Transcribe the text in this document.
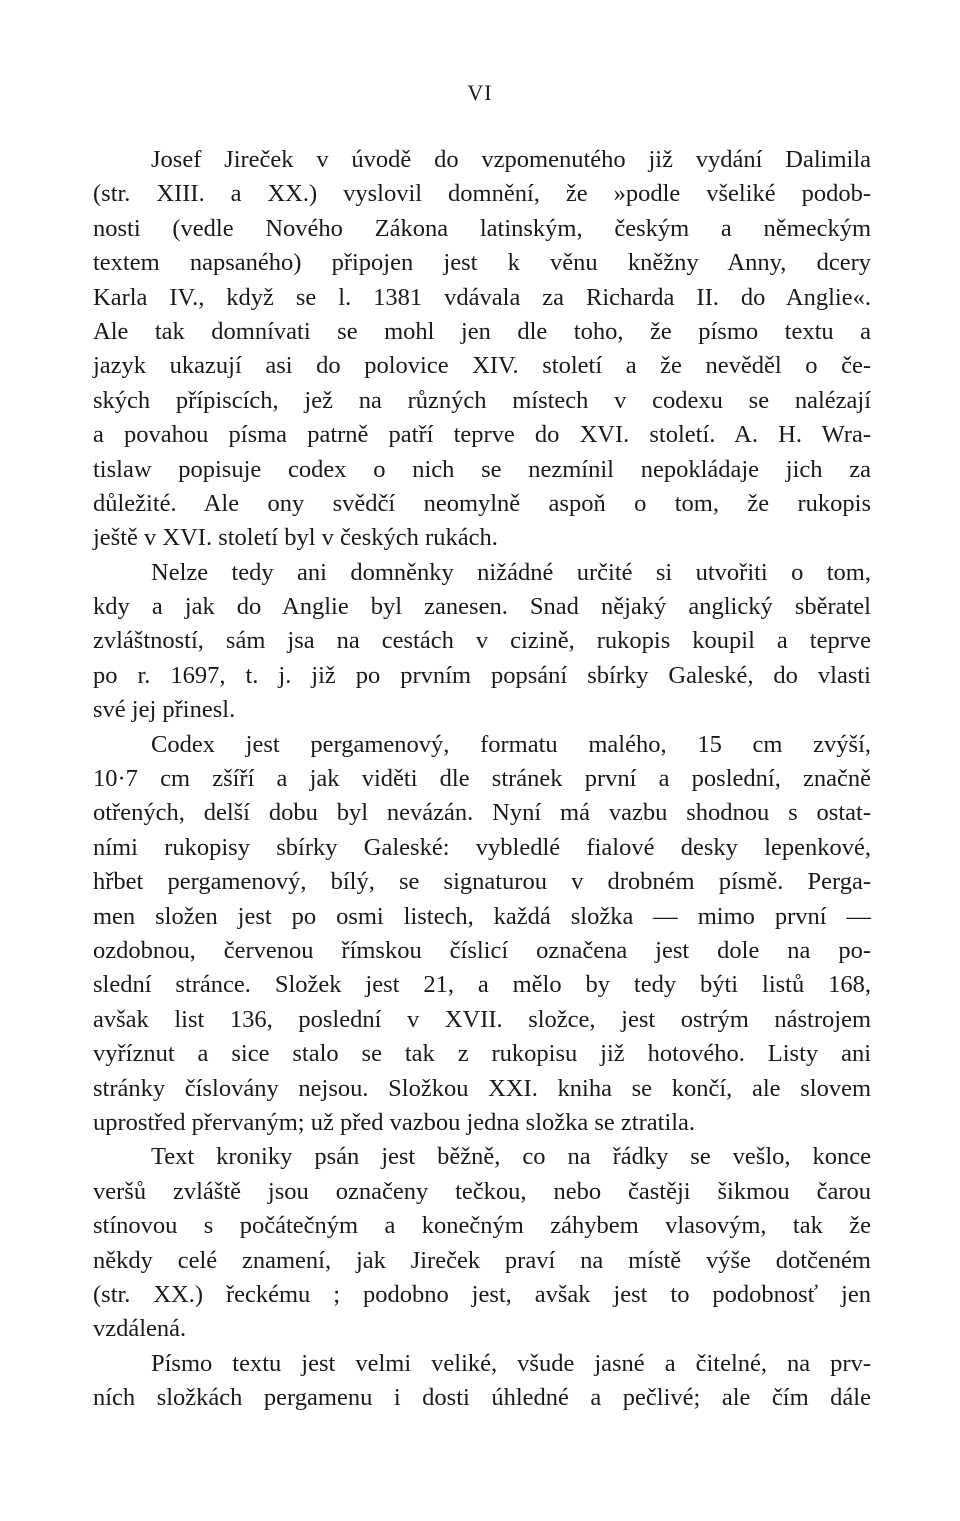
VI
Josef Jireček v úvodě do vzpomenutého již vydání Dalimila
(str. XIII. a XX.) vyslovil domnění, že »podle všeliké podob-
nosti (vedle Nového Zákona latinským, českým a německým
textem napsaného) připojen jest k věnu kněžny Anny, dcery
Karla IV., když se l. 1381 vdávala za Richarda II. do Anglie«.
Ale tak domnívati se mohl jen dle toho, že písmo textu a
jazyk ukazují asi do polovice XIV. století a že nevěděl o če-
ských přípiscích, jež na různých místech v codexu se nalézají
a povahou písma patrně patří teprve do XVI. století. A. H. Wra-
tislaw popisuje codex o nich se nezmínil nepokládaje jich za
důležité. Ale ony svědčí neomylně aspoň o tom, že rukopis
ještě v XVI. století byl v českých rukách.
Nelze tedy ani domněnky nižádné určité si utvořiti o tom,
kdy a jak do Anglie byl zanesen. Snad nějaký anglický sběratel
zvláštností, sám jsa na cestách v cizině, rukopis koupil a teprve
po r. 1697, t. j. již po prvním popsání sbírky Galeské, do vlasti
své jej přinesl.
Codex jest pergamenový, formatu malého, 15 cm zvýší,
10·7 cm zšíří a jak viděti dle stránek první a poslední, značně
otřených, delší dobu byl nevázán. Nyní má vazbu shodnou s ostat-
ními rukopisy sbírky Galeské: vybledlé fialové desky lepenkové,
hřbet pergamenový, bílý, se signaturou v drobném písmě. Perga-
men složen jest po osmi listech, každá složka — mimo první —
ozdobnou, červenou římskou číslicí označena jest dole na po-
slední stránce. Složek jest 21, a mělo by tedy býti listů 168,
avšak list 136, poslední v XVII. složce, jest ostrým nástrojem
vyříznut a sice stalo se tak z rukopisu již hotového. Listy ani
stránky číslovány nejsou. Složkou XXI. kniha se končí, ale slovem
uprostřed přervaným; už před vazbou jedna složka se ztratila.
Text kroniky psán jest běžně, co na řádky se vešlo, konce
veršů zvláště jsou označeny tečkou, nebo častěji šikmou čarou
stínovou s počátečným a konečným záhybem vlasovým, tak že
někdy celé znamení, jak Jireček praví na místě výše dotčeném
(str. XX.) řeckému ; podobno jest, avšak jest to podobnosť jen
vzdálená.
Písmo textu jest velmi veliké, všude jasné a čitelné, na prv-
ních složkách pergamenu i dosti úhledné a pečlivé; ale čím dále
